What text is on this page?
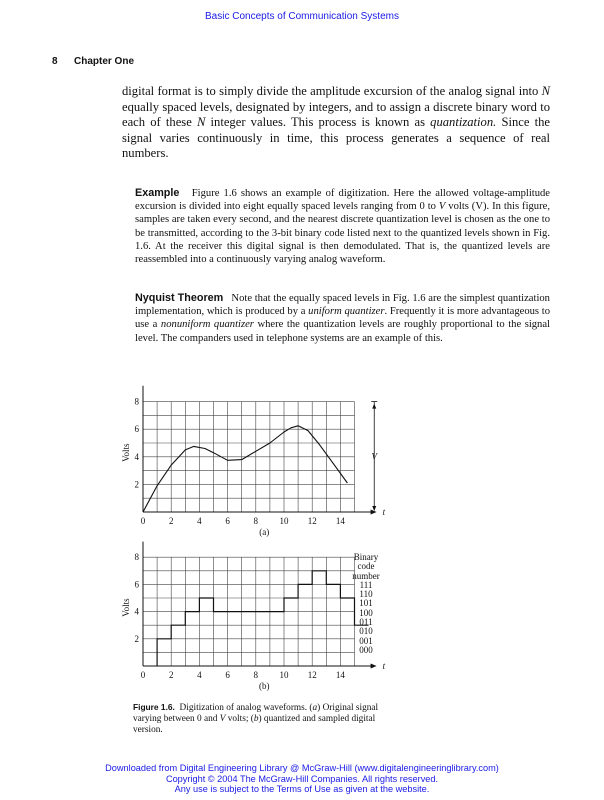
Basic Concepts of Communication Systems
8 Chapter One

digital format is to simply divide the amplitude excursion of the analog signal into N equally spaced levels, designated by integers, and to assign a discrete binary word to each of these N integer values. This process is known as quantization. Since the signal varies continuously in time, this process generates a sequence of real numbers.

Example Figure 1.6 shows an example of digitization. Here the allowed voltage-amplitude excursion is divided into eight equally spaced levels ranging from 0 to V volts (V). In this figure, samples are taken every second, and the nearest discrete quantization level is chosen as the one to be transmitted, according to the 3-bit binary code listed next to the quantized levels shown in Fig. 1.6. At the receiver this digital signal is then demodulated. That is, the quantized levels are reassembled into a continuously varying analog waveform.

Nyquist Theorem Note that the equally spaced levels in Fig. 1.6 are the simplest quantization implementation, which is produced by a uniform quantizer. Frequently it is more advantageous to use a nonuniform quantizer where the quantization levels are roughly proportional to the signal level. The companders used in telephone systems are an example of this.

t
0	2	4	6	8 10 12 14
2
4
6
8
Volts
(a)
V
t
0	2	4	6	8 10 12 14
2
4
6
8
Volts
(b)
Binary
code
number
111
110
101
100
011
010
001
000

Figure 1.6. Digitization of analog waveforms. (a) Original signal varying between 0 and V volts; (b) quantized and sampled digital version.

Downloaded from Digital Engineering Library @ McGraw-Hill (www.digitalengineeringlibrary.com)
Copyright © 2004 The McGraw-Hill Companies. All rights reserved.
Any use is subject to the Terms of Use as given at the website.
